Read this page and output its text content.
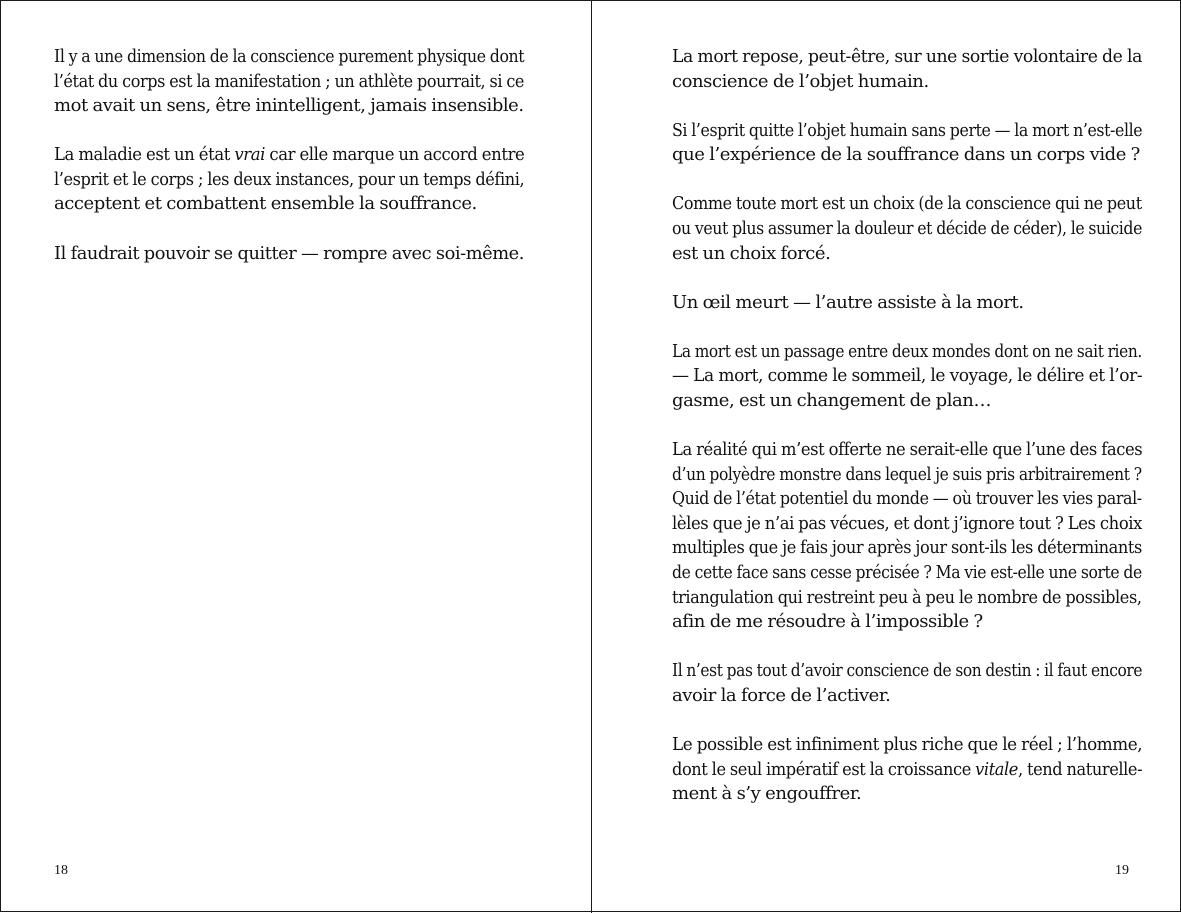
Il y a une dimension de la conscience purement physique dont
l’état du corps est la manifestation ; un athlète pourrait, si ce
mot avait un sens, être inintelligent, jamais insensible.

La maladie est un état vrai car elle marque un accord entre
l’esprit et le corps ; les deux instances, pour un temps défini,
acceptent et combattent ensemble la souffrance.

Il faudrait pouvoir se quitter — rompre avec soi-même.

18

La mort repose, peut-être, sur une sortie volontaire de la
conscience de l’objet humain.

Si l’esprit quitte l’objet humain sans perte — la mort n’est-elle
que l’expérience de la souffrance dans un corps vide ?

Comme toute mort est un choix (de la conscience qui ne peut
ou veut plus assumer la douleur et décide de céder), le suicide
est un choix forcé.

Un œil meurt — l’autre assiste à la mort.

La mort est un passage entre deux mondes dont on ne sait rien.
— La mort, comme le sommeil, le voyage, le délire et l’or-
gasme, est un changement de plan…

La réalité qui m’est offerte ne serait-elle que l’une des faces
d’un polyèdre monstre dans lequel je suis pris arbitrairement ?
Quid de l’état potentiel du monde — où trouver les vies paral-
lèles que je n’ai pas vécues, et dont j’ignore tout ? Les choix
multiples que je fais jour après jour sont-ils les déterminants
de cette face sans cesse précisée ? Ma vie est-elle une sorte de
triangulation qui restreint peu à peu le nombre de possibles,
afin de me résoudre à l’impossible ?

Il n’est pas tout d’avoir conscience de son destin : il faut encore
avoir la force de l’activer.

Le possible est infiniment plus riche que le réel ; l’homme,
dont le seul impératif est la croissance vitale, tend naturelle-
ment à s’y engouffrer.

19
